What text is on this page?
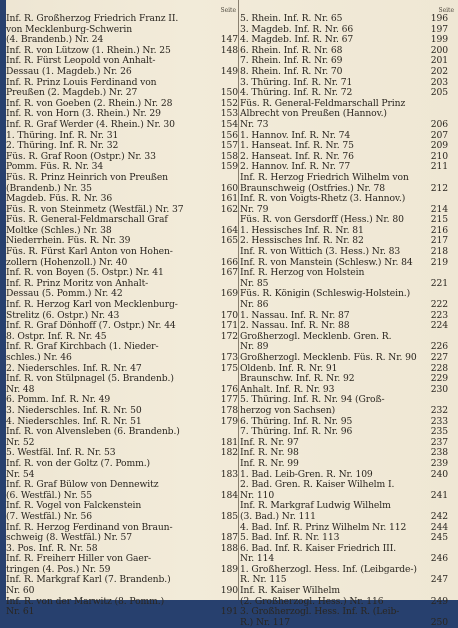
Seite
Inf. R. Großherzog Friedrich Franz II.
von Mecklenburg-Schwerin
(4. Brandenb.) Nr. 24	147
Inf. R. von Lützow (1. Rhein.) Nr. 25	148
Inf. R. Fürst Leopold von Anhalt-
Dessau (1. Magdeb.) Nr. 26	149
Inf. R. Prinz Louis Ferdinand von
Preußen (2. Magdeb.) Nr. 27	150
Inf. R. von Goeben (2. Rhein.) Nr. 28	152
Inf. R. von Horn (3. Rhein.) Nr. 29	153
Inf. R. Graf Werder (4. Rhein.) Nr. 30	154
1. Thüring. Inf. R. Nr. 31	156
2. Thüring. Inf. R. Nr. 32	157
Füs. R. Graf Roon (Ostpr.) Nr. 33	158
Pomm. Füs. R. Nr. 34	159
Füs. R. Prinz Heinrich von Preußen
(Brandenb.) Nr. 35	160
Magdeb. Füs. R. Nr. 36	161
Füs. R. von Steinmetz (Westfäl.) Nr. 37	162
Füs. R. General-Feldmarschall Graf
Moltke (Schles.) Nr. 38	164
Niederrhein. Füs. R. Nr. 39	165
Füs. R. Fürst Karl Anton von Hohen-
zollern (Hohenzoll.) Nr. 40	166
Inf. R. von Boyen (5. Ostpr.) Nr. 41	167
Inf. R. Prinz Moritz von Anhalt-
Dessau (5. Pomm.) Nr. 42	169
Inf. R. Herzog Karl von Mecklenburg-
Strelitz (6. Ostpr.) Nr. 43	170
Inf. R. Graf Dönhoff (7. Ostpr.) Nr. 44	171
8. Ostpr. Inf. R. Nr. 45	172
Inf. R. Graf Kirchbach (1. Nieder-
schles.) Nr. 46	173
2. Niederschles. Inf. R. Nr. 47	175
Inf. R. von Stülpnagel (5. Brandenb.)
Nr. 48	176
6. Pomm. Inf. R. Nr. 49	177
3. Niederschles. Inf. R. Nr. 50	178
4. Niederschles. Inf. R. Nr. 51	179
Inf. R. von Alvensleben (6. Brandenb.)
Nr. 52	181
5. Westfäl. Inf. R. Nr. 53	182
Inf. R. von der Goltz (7. Pomm.)
Nr. 54	183
Inf. R. Graf Bülow von Dennewitz
(6. Westfäl.) Nr. 55	184
Inf. R. Vogel von Falckenstein
(7. Westfäl.) Nr. 56	185
Inf. R. Herzog Ferdinand von Braun-
schweig (8. Westfäl.) Nr. 57	187
3. Pos. Inf. R. Nr. 58	188
Inf. R. Freiherr Hiller von Gaer-
tringen (4. Pos.) Nr. 59	189
Inf. R. Markgraf Karl (7. Brandenb.)
Nr. 60	190
Inf. R. von der Marwitz (8. Pomm.)
Nr. 61	191
Seite
5. Rhein. Inf. R. Nr. 65	196
3. Magdeb. Inf. R. Nr. 66	197
4. Magdeb. Inf. R. Nr. 67	199
6. Rhein. Inf. R. Nr. 68	200
7. Rhein. Inf. R. Nr. 69	201
8. Rhein. Inf. R. Nr. 70	202
3. Thüring. Inf. R. Nr. 71	203
4. Thüring. Inf. R. Nr. 72	205
Füs. R. General-Feldmarschall Prinz
Albrecht von Preußen (Hannov.)
Nr. 73	206
1. Hannov. Inf. R. Nr. 74	207
1. Hanseat. Inf. R. Nr. 75	209
2. Hanseat. Inf. R. Nr. 76	210
2. Hannov. Inf. R. Nr. 77	211
Inf. R. Herzog Friedrich Wilhelm von
Braunschweig (Ostfries.) Nr. 78	212
Inf. R. von Voigts-Rhetz (3. Hannov.)
Nr. 79	214
Füs. R. von Gersdorff (Hess.) Nr. 80	215
1. Hessisches Inf. R. Nr. 81	216
2. Hessisches Inf. R. Nr. 82	217
Inf. R. von Wittich (3. Hess.) Nr. 83	218
Inf. R. von Manstein (Schlesw.) Nr. 84 219
Inf. R. Herzog von Holstein
Nr. 85	221
Füs. R. Königin (Schleswig-Holstein.)
Nr. 86	222
1. Nassau. Inf. R. Nr. 87	223
2. Nassau. Inf. R. Nr. 88	224
Großherzogl. Mecklenb. Gren. R.
Nr. 89	226
Großherzogl. Mecklenb. Füs. R. Nr. 90 227
Oldenb. Inf. R. Nr. 91	228
Braunschw. Inf. R. Nr. 92	229
Anhalt. Inf. R. Nr. 93	230
5. Thüring. Inf. R. Nr. 94 (Groß-
herzog von Sachsen)	232
6. Thüring. Inf. R. Nr. 95	233
7. Thüring. Inf. R. Nr. 96	235
Inf. R. Nr. 97	237
Inf. R. Nr. 98	238
Inf. R. Nr. 99	239
1. Bad. Leib-Gren. R. Nr. 109	240
2. Bad. Gren. R. Kaiser Wilhelm I.
Nr. 110	241
Inf. R. Markgraf Ludwig Wilhelm
(3. Bad.) Nr. 111	242
4. Bad. Inf. R. Prinz Wilhelm Nr. 112	244
5. Bad. Inf. R. Nr. 113	245
6. Bad. Inf. R. Kaiser Friedrich III.
Nr. 114	246
1. Großherzogl. Hess. Inf. (Leibgarde-)
R. Nr. 115	247
Inf. R. Kaiser Wilhelm
(2. Großherzogl. Hess.) Nr. 116	249
3. Großherzogl. Hess. Inf. R. (Leib-
R.) Nr. 117	250
